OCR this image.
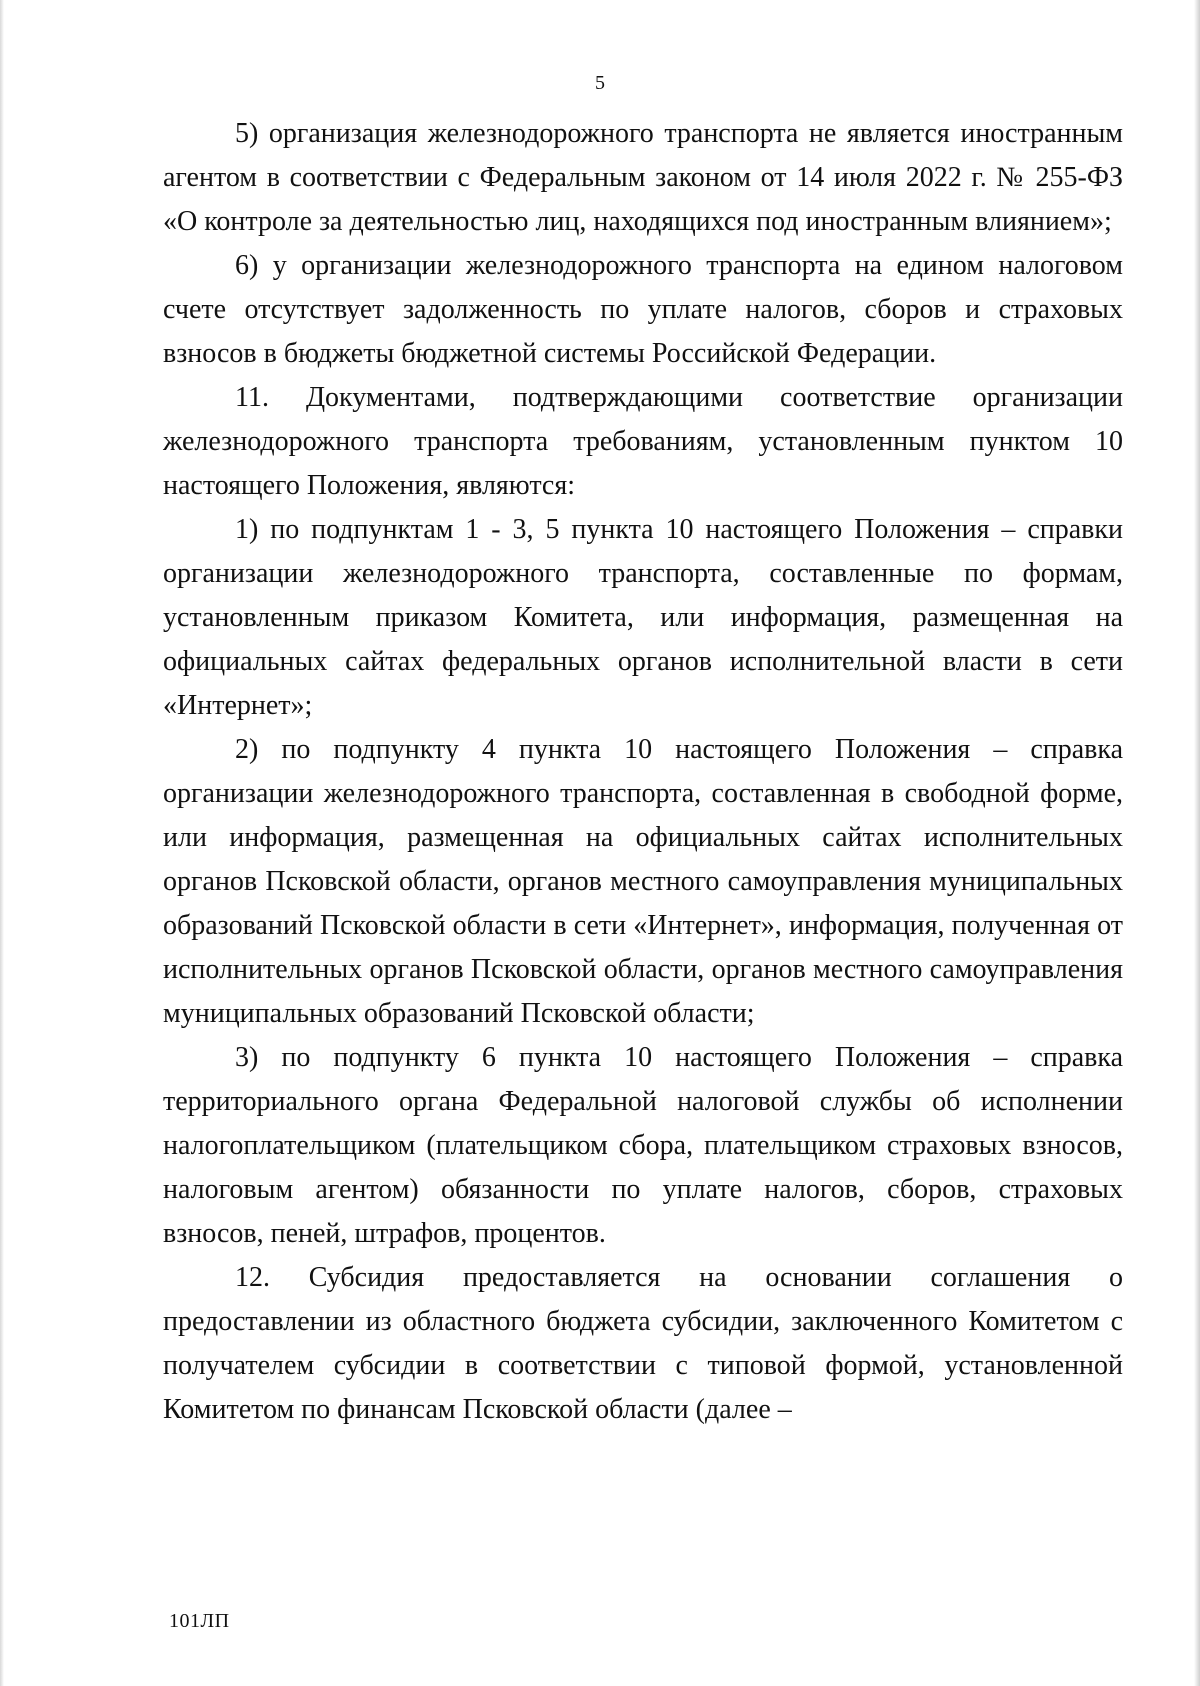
5

5) организация железнодорожного транспорта не является иностранным агентом в соответствии с Федеральным законом от 14 июля 2022 г. № 255-ФЗ «О контроле за деятельностью лиц, находящихся под иностранным влиянием»;

6) у организации железнодорожного транспорта на едином налоговом счете отсутствует задолженность по уплате налогов, сборов и страховых взносов в бюджеты бюджетной системы Российской Федерации.

11. Документами, подтверждающими соответствие организации железнодорожного транспорта требованиям, установленным пунктом 10 настоящего Положения, являются:

1) по подпунктам 1 - 3, 5 пункта 10 настоящего Положения – справки организации железнодорожного транспорта, составленные по формам, установленным приказом Комитета, или информация, размещенная на официальных сайтах федеральных органов исполнительной власти в сети «Интернет»;

2) по подпункту 4 пункта 10 настоящего Положения – справка организации железнодорожного транспорта, составленная в свободной форме, или информация, размещенная на официальных сайтах исполнительных органов Псковской области, органов местного самоуправления муниципальных образований Псковской области в сети «Интернет», информация, полученная от исполнительных органов Псковской области, органов местного самоуправления муниципальных образований Псковской области;

3) по подпункту 6 пункта 10 настоящего Положения – справка территориального органа Федеральной налоговой службы об исполнении налогоплательщиком (плательщиком сбора, плательщиком страховых взносов, налоговым агентом) обязанности по уплате налогов, сборов, страховых взносов, пеней, штрафов, процентов.

12. Субсидия предоставляется на основании соглашения о предоставлении из областного бюджета субсидии, заключенного Комитетом с получателем субсидии в соответствии с типовой формой, установленной Комитетом по финансам Псковской области (далее –

101ЛП
